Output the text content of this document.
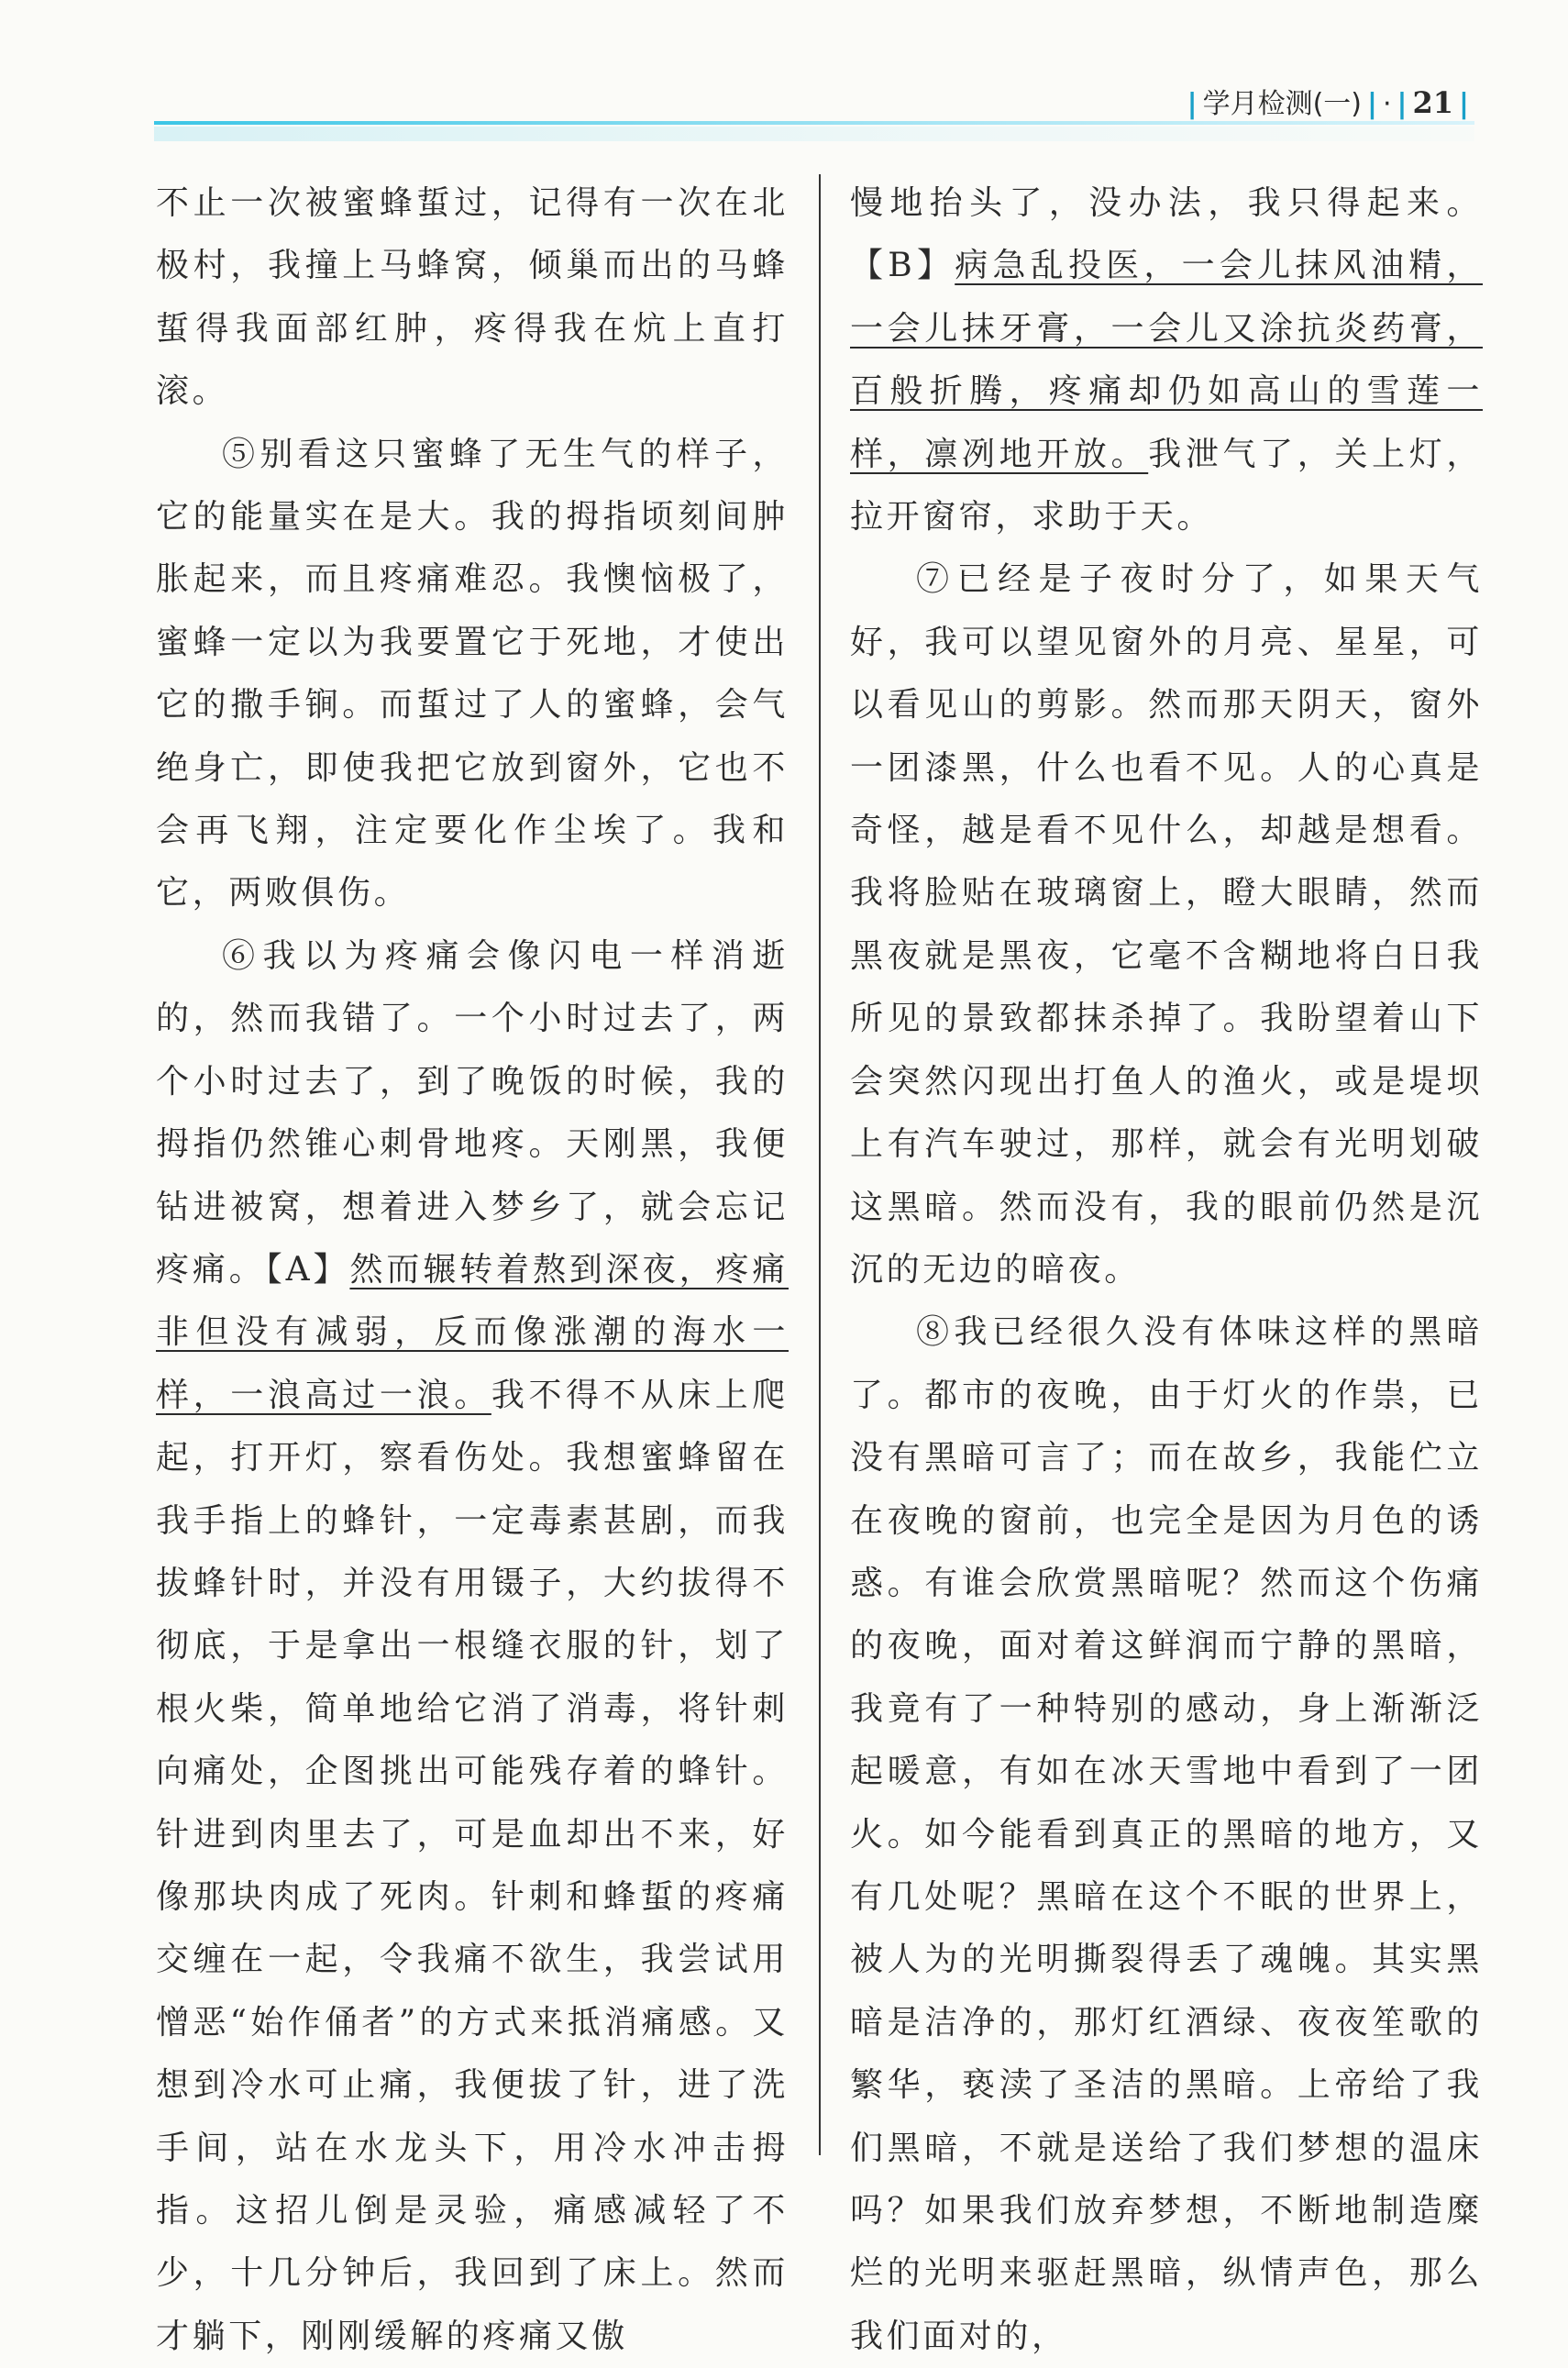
| 学月检测(一) | · | 21 |

不止一次被蜜蜂蜇过，记得有一次在北极村，我撞上马蜂窝，倾巢而出的马蜂蜇得我面部红肿，疼得我在炕上直打滚。

⑤别看这只蜜蜂了无生气的样子，它的能量实在是大。我的拇指顷刻间肿胀起来，而且疼痛难忍。我懊恼极了，蜜蜂一定以为我要置它于死地，才使出它的撒手锏。而蜇过了人的蜜蜂，会气绝身亡，即使我把它放到窗外，它也不会再飞翔，注定要化作尘埃了。我和它，两败俱伤。

⑥我以为疼痛会像闪电一样消逝的，然而我错了。一个小时过去了，两个小时过去了，到了晚饭的时候，我的拇指仍然锥心刺骨地疼。天刚黑，我便钻进被窝，想着进入梦乡了，就会忘记疼痛。【A】然而辗转着熬到深夜，疼痛非但没有减弱，反而像涨潮的海水一样，一浪高过一浪。我不得不从床上爬起，打开灯，察看伤处。我想蜜蜂留在我手指上的蜂针，一定毒素甚剧，而我拔蜂针时，并没有用镊子，大约拔得不彻底，于是拿出一根缝衣服的针，划了根火柴，简单地给它消了消毒，将针刺向痛处，企图挑出可能残存着的蜂针。针进到肉里去了，可是血却出不来，好像那块肉成了死肉。针刺和蜂蜇的疼痛交缠在一起，令我痛不欲生，我尝试用憎恶“始作俑者”的方式来抵消痛感。又想到冷水可止痛，我便拔了针，进了洗手间，站在水龙头下，用冷水冲击拇指。这招儿倒是灵验，痛感减轻了不少，十几分钟后，我回到了床上。然而才躺下，刚刚缓解的疼痛又傲

慢地抬头了，没办法，我只得起来。【B】病急乱投医，一会儿抹风油精，一会儿抹牙膏，一会儿又涂抗炎药膏，百般折腾，疼痛却仍如高山的雪莲一样，凛冽地开放。我泄气了，关上灯，拉开窗帘，求助于天。

⑦已经是子夜时分了，如果天气好，我可以望见窗外的月亮、星星，可以看见山的剪影。然而那天阴天，窗外一团漆黑，什么也看不见。人的心真是奇怪，越是看不见什么，却越是想看。我将脸贴在玻璃窗上，瞪大眼睛，然而黑夜就是黑夜，它毫不含糊地将白日我所见的景致都抹杀掉了。我盼望着山下会突然闪现出打鱼人的渔火，或是堤坝上有汽车驶过，那样，就会有光明划破这黑暗。然而没有，我的眼前仍然是沉沉的无边的暗夜。

⑧我已经很久没有体味这样的黑暗了。都市的夜晚，由于灯火的作祟，已没有黑暗可言了；而在故乡，我能伫立在夜晚的窗前，也完全是因为月色的诱惑。有谁会欣赏黑暗呢？然而这个伤痛的夜晚，面对着这鲜润而宁静的黑暗，我竟有了一种特别的感动，身上渐渐泛起暖意，有如在冰天雪地中看到了一团火。如今能看到真正的黑暗的地方，又有几处呢？黑暗在这个不眠的世界上，被人为的光明撕裂得丢了魂魄。其实黑暗是洁净的，那灯红酒绿、夜夜笙歌的繁华，亵渎了圣洁的黑暗。上帝给了我们黑暗，不就是送给了我们梦想的温床吗？如果我们放弃梦想，不断地制造糜烂的光明来驱赶黑暗，纵情声色，那么我们面对的，
